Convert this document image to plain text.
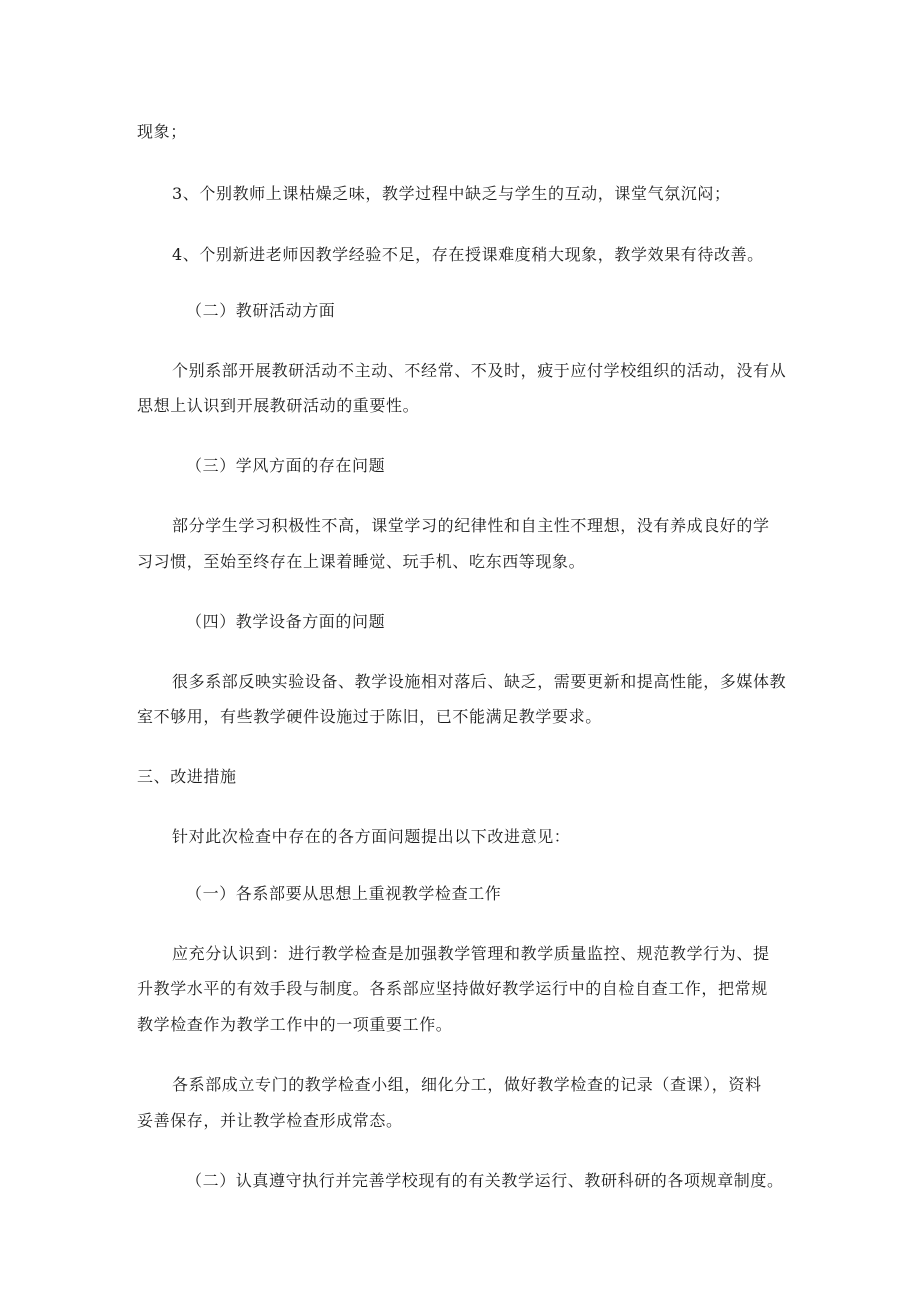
现象；
3、个别教师上课枯燥乏味，教学过程中缺乏与学生的互动，课堂气氛沉闷；
4、个别新进老师因教学经验不足，存在授课难度稍大现象，教学效果有待改善。
（二）教研活动方面
个别系部开展教研活动不主动、不经常、不及时，疲于应付学校组织的活动，没有从
思想上认识到开展教研活动的重要性。
（三）学风方面的存在问题
部分学生学习积极性不高，课堂学习的纪律性和自主性不理想，没有养成良好的学
习习惯，至始至终存在上课着睡觉、玩手机、吃东西等现象。
（四）教学设备方面的问题
很多系部反映实验设备、教学设施相对落后、缺乏，需要更新和提高性能，多媒体教
室不够用，有些教学硬件设施过于陈旧，已不能满足教学要求。
三、改进措施
针对此次检查中存在的各方面问题提出以下改进意见：
（一）各系部要从思想上重视教学检查工作
应充分认识到：进行教学检查是加强教学管理和教学质量监控、规范教学行为、提
升教学水平的有效手段与制度。各系部应坚持做好教学运行中的自检自查工作，把常规
教学检查作为教学工作中的一项重要工作。
各系部成立专门的教学检查小组，细化分工，做好教学检查的记录（查课），资料
妥善保存，并让教学检查形成常态。
（二）认真遵守执行并完善学校现有的有关教学运行、教研科研的各项规章制度。
